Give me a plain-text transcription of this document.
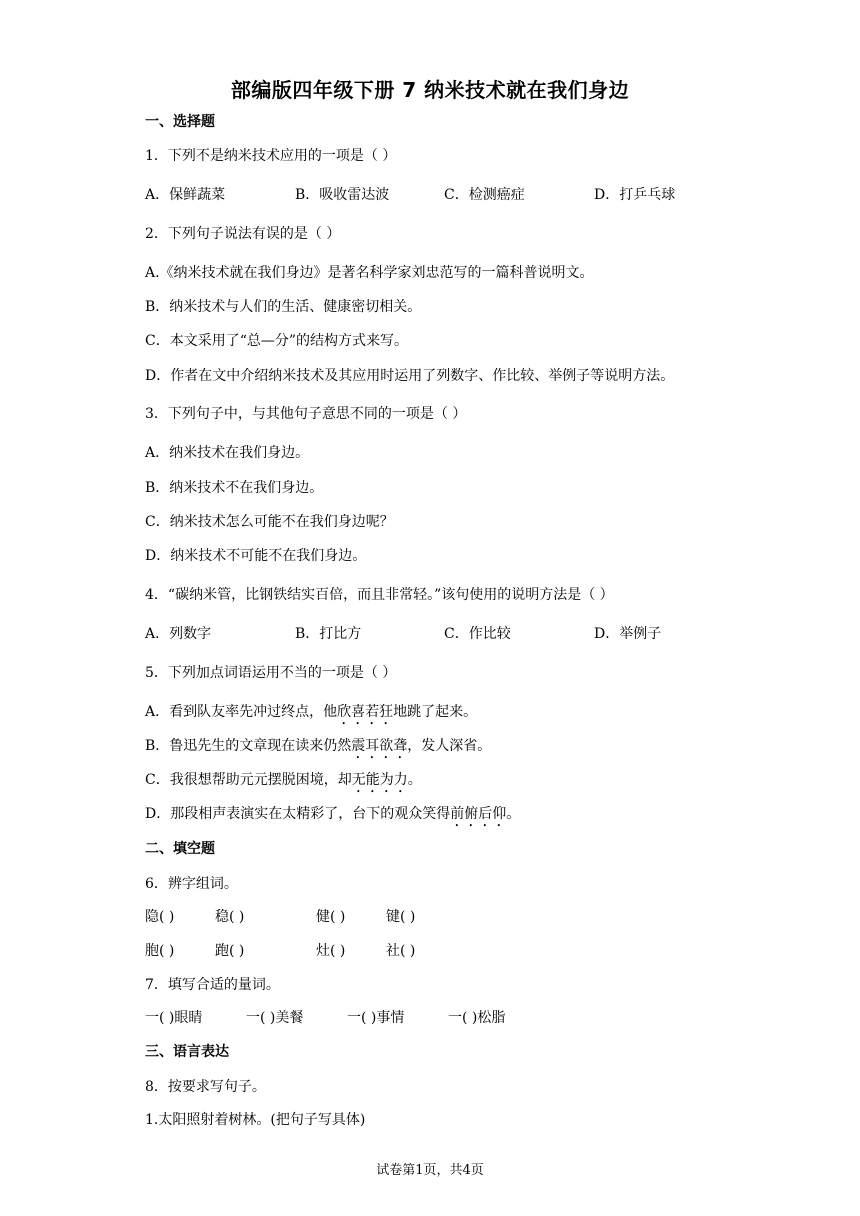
部编版四年级下册 7 纳米技术就在我们身边
一、选择题
1．下列不是纳米技术应用的一项是（ ）
A．保鲜蔬菜	B．吸收雷达波	C．检测癌症	D．打乒乓球
2．下列句子说法有误的是（ ）
A.《纳米技术就在我们身边》是著名科学家刘忠范写的一篇科普说明文。
B．纳米技术与人们的生活、健康密切相关。
C．本文采用了“总—分”的结构方式来写。
D．作者在文中介绍纳米技术及其应用时运用了列数字、作比较、举例子等说明方法。
3．下列句子中，与其他句子意思不同的一项是（ ）
A．纳米技术在我们身边。
B．纳米技术不在我们身边。
C．纳米技术怎么可能不在我们身边呢？
D．纳米技术不可能不在我们身边。
4．“碳纳米管，比钢铁结实百倍，而且非常轻。”该句使用的说明方法是（ ）
A．列数字	B．打比方	C．作比较	D．举例子
5．下列加点词语运用不当的一项是（ ）
A．看到队友率先冲过终点，他欣喜若狂地跳了起来。
B．鲁迅先生的文章现在读来仍然震耳欲聋，发人深省。
C．我很想帮助元元摆脱困境，却无能为力。
D．那段相声表演实在太精彩了，台下的观众笑得前俯后仰。
二、填空题
6．辨字组词。
隐( )	稳( )	健( )	键( )
胞( )	跑( )	灶( )	社( )
7．填写合适的量词。
一( )眼睛	一( )美餐	一( )事情	一( )松脂
三、语言表达
8．按要求写句子。
1.太阳照射着树林。(把句子写具体)
试卷第1页，共4页
